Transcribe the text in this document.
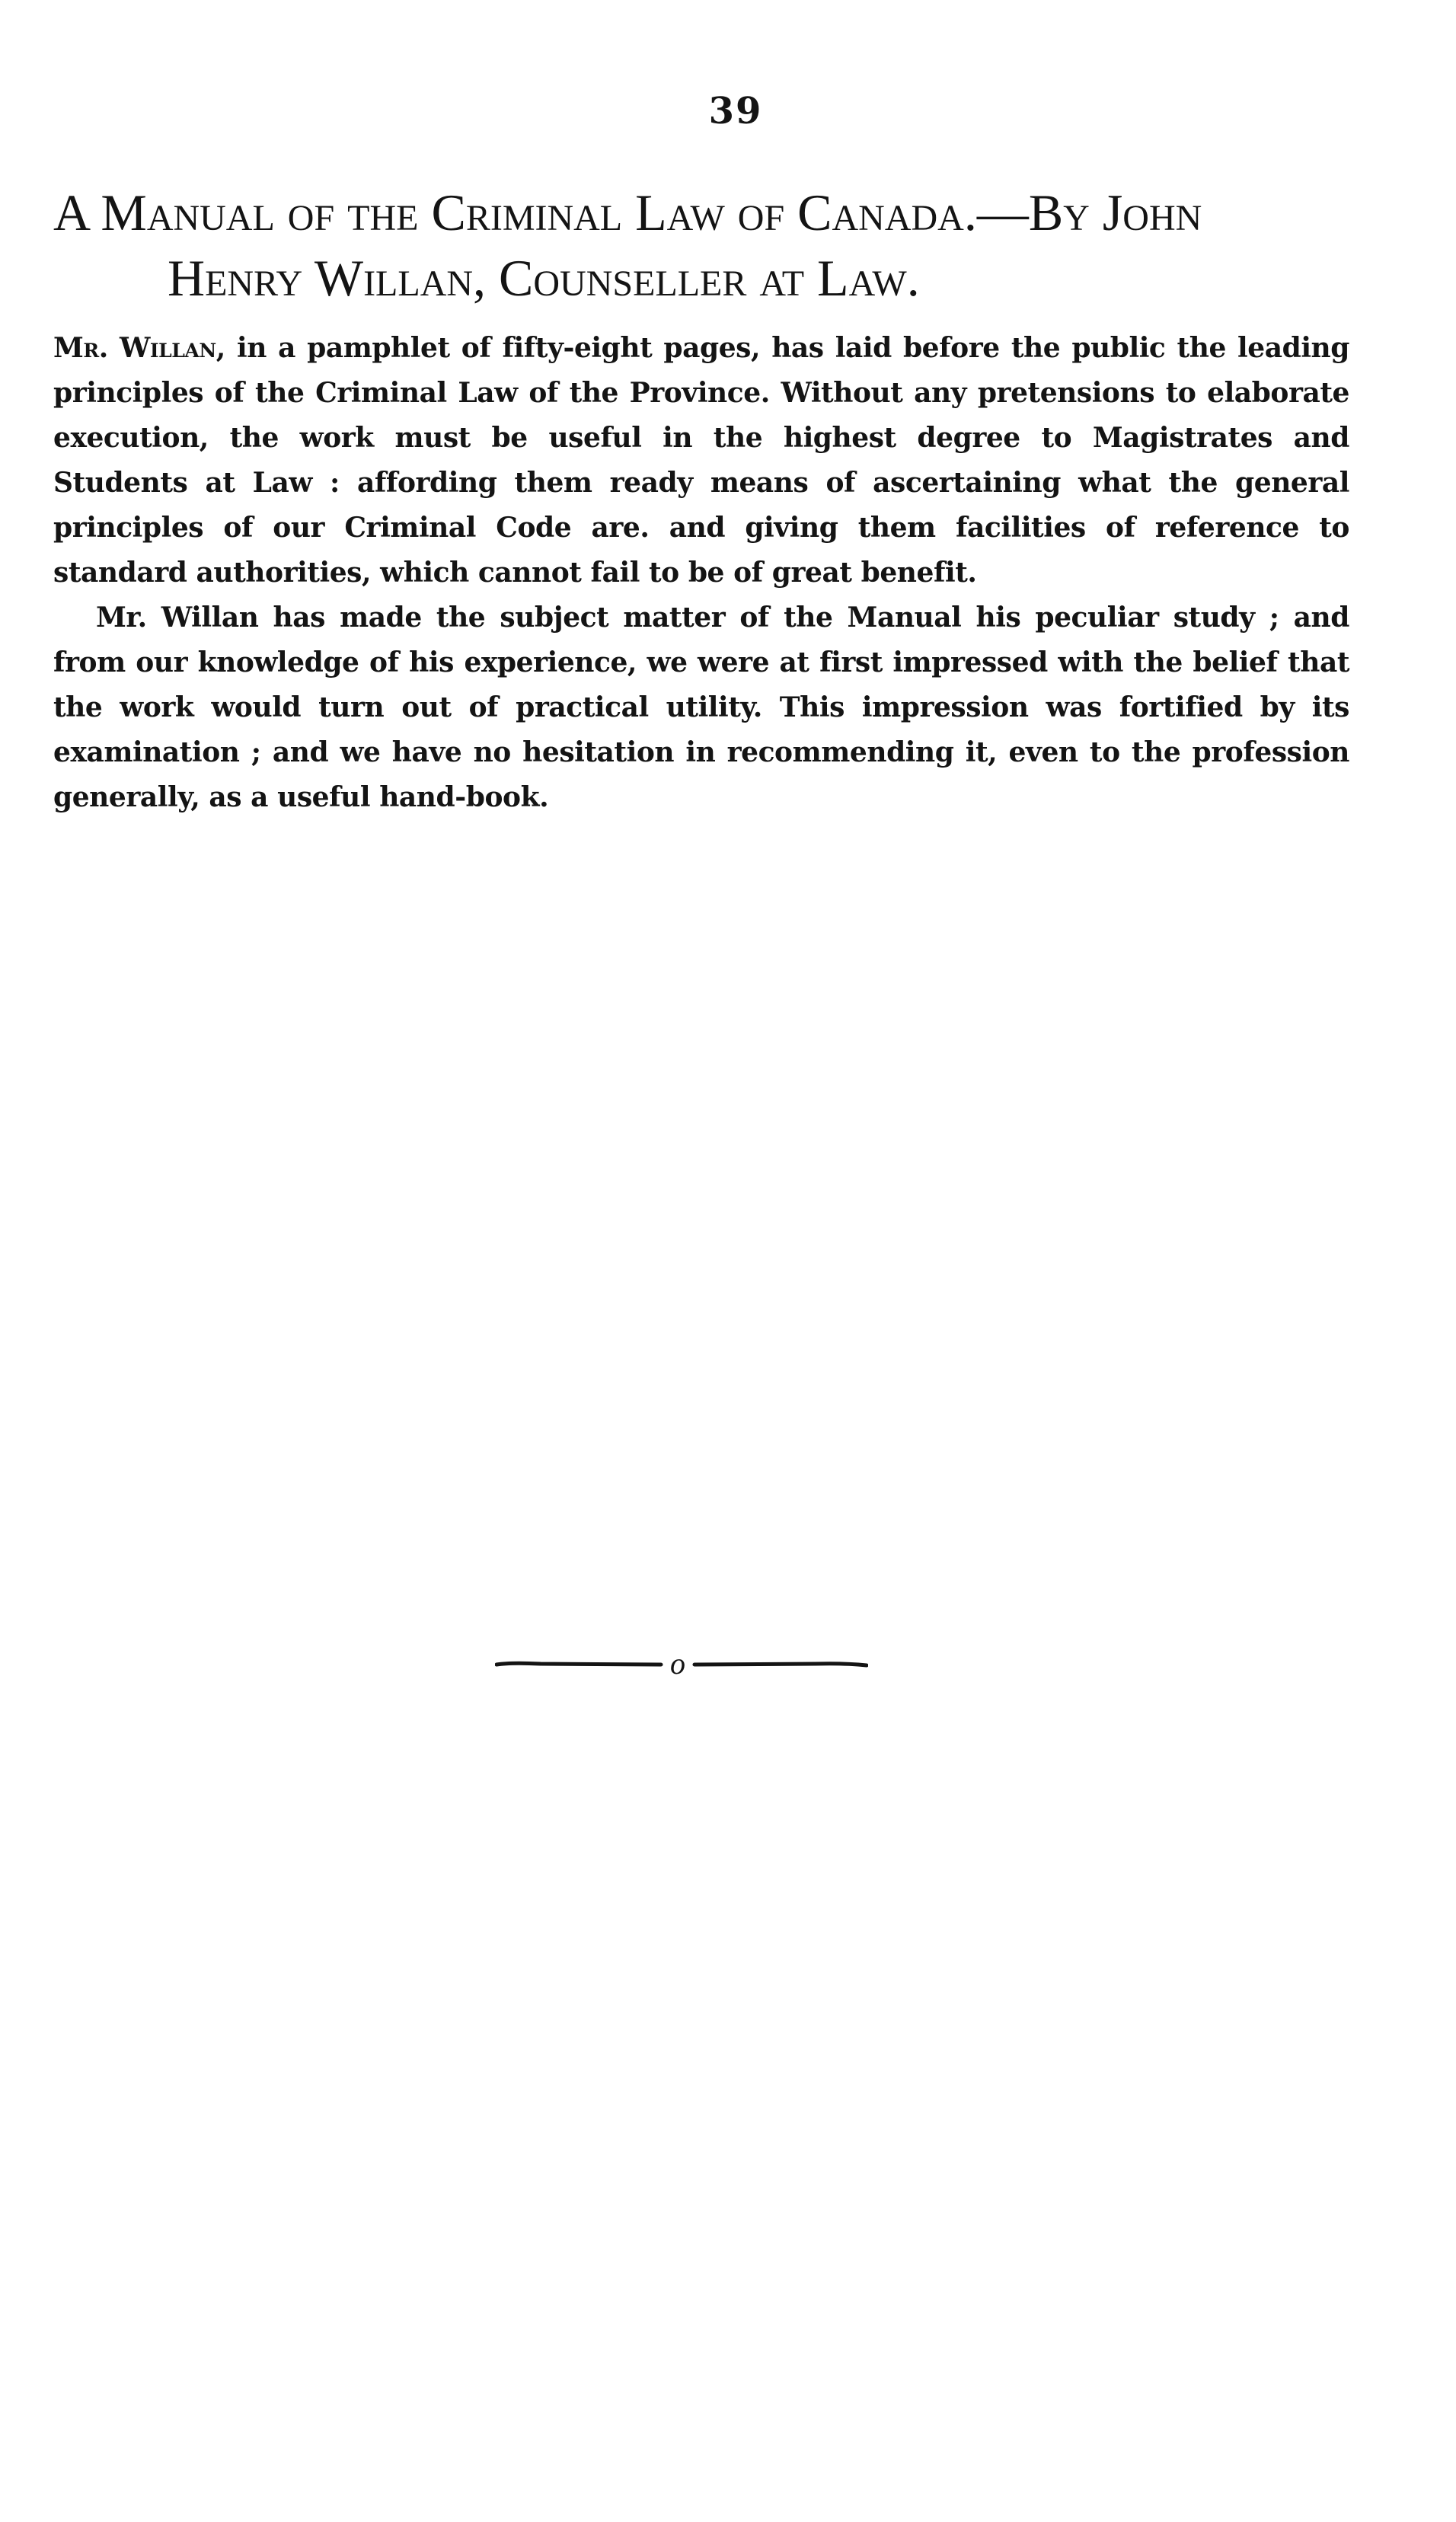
39
A Manual of the Criminal Law of Canada.—By John
Henry Willan, Counseller at Law.

Mr. Willan, in a pamphlet of fifty-eight pages, has laid before the public the leading principles of the Criminal Law of the Province. Without any pretensions to elaborate execution, the work must be useful in the highest degree to Magistrates and Students at Law : affording them ready means of ascertaining what the general principles of our Criminal Code are. and giving them facilities of reference to standard authorities, which cannot fail to be of great benefit.

Mr. Willan has made the subject matter of the Manual his peculiar study ; and from our knowledge of his experience, we were at first impressed with the belief that the work would turn out of practical utility. This impression was fortified by its examination ; and we have no hesitation in recommending it, even to the profession generally, as a useful hand-book.

o
